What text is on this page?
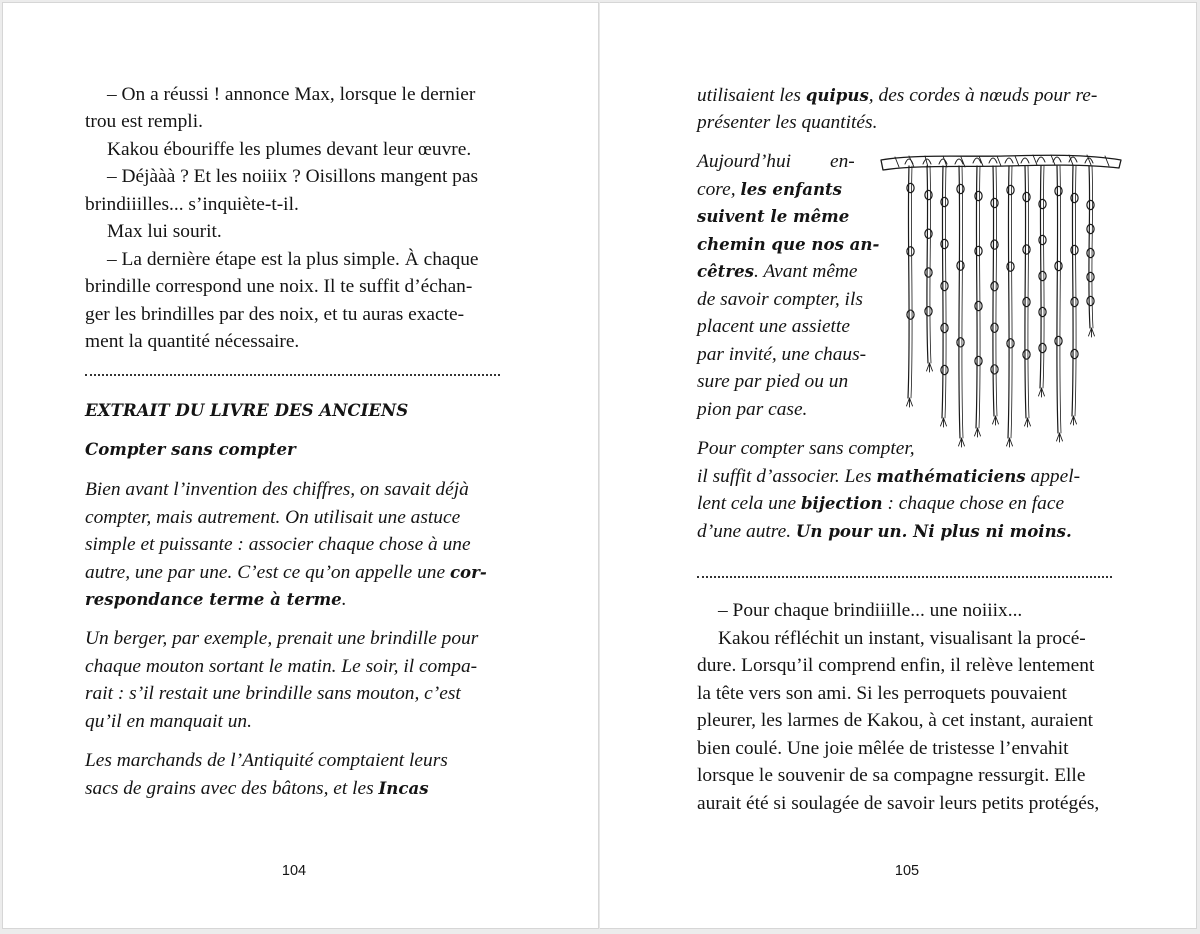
– On a réussi ! annonce Max, lorsque le dernier

trou est rempli.

Kakou ébouriffe les plumes devant leur œuvre.

– Déjààà ? Et les noiiix ? Oisillons mangent pas

brindiiilles... s’inquiète-t-il.

Max lui sourit.

– La dernière étape est la plus simple. À chaque

brindille correspond une noix. Il te suffit d’échan-

ger les brindilles par des noix, et tu auras exacte-

ment la quantité nécessaire.

EXTRAIT DU LIVRE DES ANCIENS

Compter sans compter

Bien avant l’invention des chiffres, on savait déjà

compter, mais autrement. On utilisait une astuce

simple et puissante : associer chaque chose à une

autre, une par une. C’est ce qu’on appelle une cor-

respondance terme à terme.

Un berger, par exemple, prenait une brindille pour

chaque mouton sortant le matin. Le soir, il compa-

rait : s’il restait une brindille sans mouton, c’est

qu’il en manquait un.

Les marchands de l’Antiquité comptaient leurs

sacs de grains avec des bâtons, et les Incas

104

utilisaient les quipus, des cordes à nœuds pour re-

présenter les quantités.

Aujourd’hui en-

core, les enfants

suivent le même

chemin que nos an-

cêtres. Avant même

de savoir compter, ils

placent une assiette

par invité, une chaus-

sure par pied ou un

pion par case.

Pour compter sans compter,

il suffit d’associer. Les mathématiciens appel-

lent cela une bijection : chaque chose en face

d’une autre. Un pour un. Ni plus ni moins.

– Pour chaque brindiiille... une noiiix...

Kakou réfléchit un instant, visualisant la procé-

dure. Lorsqu’il comprend enfin, il relève lentement

la tête vers son ami. Si les perroquets pouvaient

pleurer, les larmes de Kakou, à cet instant, auraient

bien coulé. Une joie mêlée de tristesse l’envahit

lorsque le souvenir de sa compagne ressurgit. Elle

aurait été si soulagée de savoir leurs petits protégés,

105
